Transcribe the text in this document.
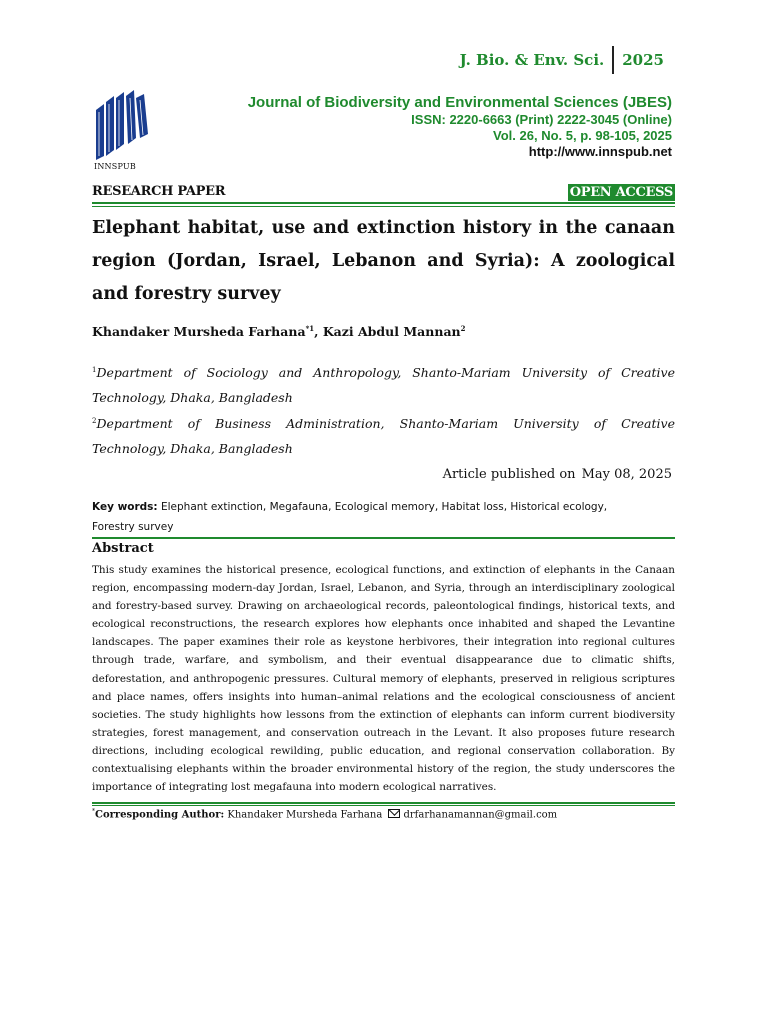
J. Bio. & Env. Sci.	2025
INNSPUB
Journal of Biodiversity and Environmental Sciences (JBES)
ISSN: 2220-6663 (Print) 2222-3045 (Online)
Vol. 26, No. 5, p. 98-105, 2025
http://www.innspub.net
RESEARCH PAPER	OPEN ACCESS
Elephant habitat, use and extinction history in the canaan region (Jordan, Israel, Lebanon and Syria): A zoological and forestry survey
Khandaker Mursheda Farhana$^{*1}$, Kazi Abdul Mannan$^2$
$^1$Department of Sociology and Anthropology, Shanto-Mariam University of Creative Technology, Dhaka, Bangladesh
$^2$Department of Business Administration, Shanto-Mariam University of Creative Technology, Dhaka, Bangladesh
Article published on May 08, 2025
Key words: Elephant extinction, Megafauna, Ecological memory, Habitat loss, Historical ecology, Forestry survey
Abstract

This study examines the historical presence, ecological functions, and extinction of elephants in the Canaan region, encompassing modern-day Jordan, Israel, Lebanon, and Syria, through an interdisciplinary zoological and forestry-based survey. Drawing on archaeological records, paleontological findings, historical texts, and ecological reconstructions, the research explores how elephants once inhabited and shaped the Levantine landscapes. The paper examines their role as keystone herbivores, their integration into regional cultures through trade, warfare, and symbolism, and their eventual disappearance due to climatic shifts, deforestation, and anthropogenic pressures. Cultural memory of elephants, preserved in religious scriptures and place names, offers insights into human–animal relations and the ecological consciousness of ancient societies. The study highlights how lessons from the extinction of elephants can inform current biodiversity strategies, forest management, and conservation outreach in the Levant. It also proposes future research directions, including ecological rewilding, public education, and regional conservation collaboration. By contextualising elephants within the broader environmental history of the region, the study underscores the importance of integrating lost megafauna into modern ecological narratives.

*Corresponding Author: Khandaker Mursheda Farhana drfarhanamannan@gmail.com
